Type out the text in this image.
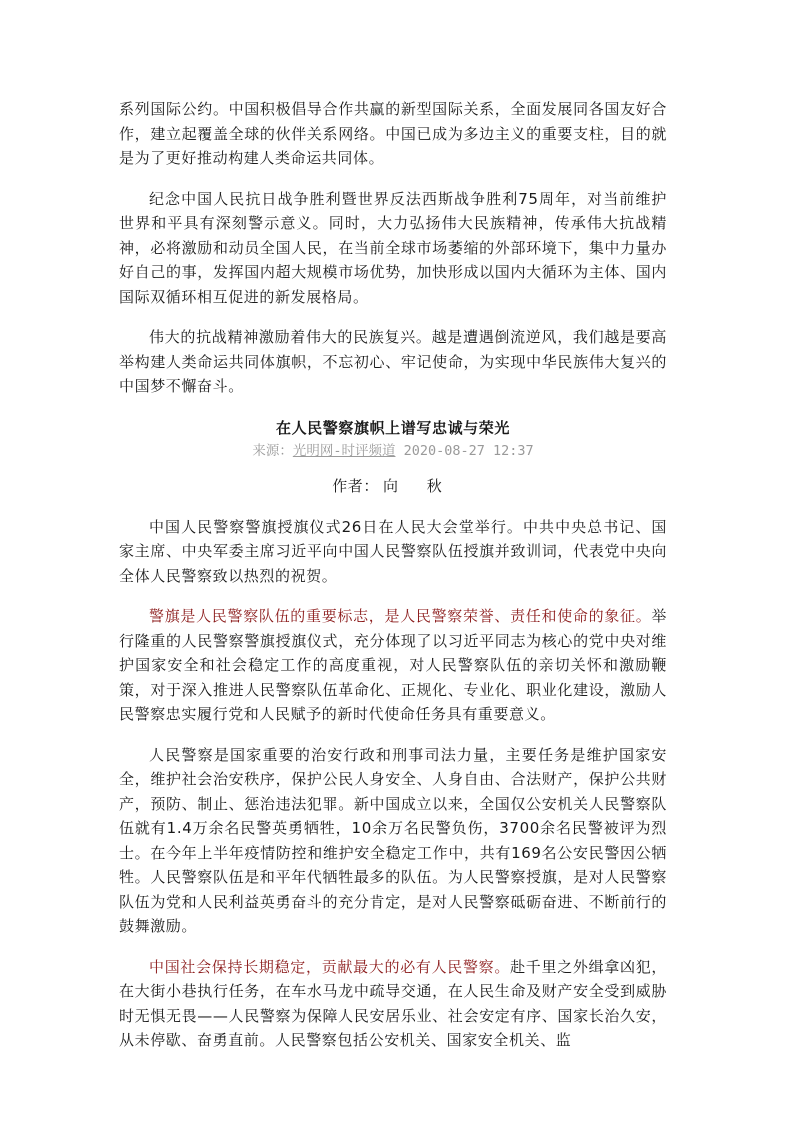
系列国际公约。中国积极倡导合作共赢的新型国际关系，全面发展同各国友好合作，建立起覆盖全球的伙伴关系网络。中国已成为多边主义的重要支柱，目的就是为了更好推动构建人类命运共同体。

纪念中国人民抗日战争胜利暨世界反法西斯战争胜利75周年，对当前维护世界和平具有深刻警示意义。同时，大力弘扬伟大民族精神，传承伟大抗战精神，必将激励和动员全国人民，在当前全球市场萎缩的外部环境下，集中力量办好自己的事，发挥国内超大规模市场优势，加快形成以国内大循环为主体、国内国际双循环相互促进的新发展格局。

伟大的抗战精神激励着伟大的民族复兴。越是遭遇倒流逆风，我们越是要高举构建人类命运共同体旗帜，不忘初心、牢记使命，为实现中华民族伟大复兴的中国梦不懈奋斗。

在人民警察旗帜上谱写忠诚与荣光
来源：光明网-时评频道 2020-08-27 12:37
作者： 向 秋

中国人民警察警旗授旗仪式26日在人民大会堂举行。中共中央总书记、国家主席、中央军委主席习近平向中国人民警察队伍授旗并致训词，代表党中央向全体人民警察致以热烈的祝贺。

警旗是人民警察队伍的重要标志，是人民警察荣誉、责任和使命的象征。举行隆重的人民警察警旗授旗仪式，充分体现了以习近平同志为核心的党中央对维护国家安全和社会稳定工作的高度重视，对人民警察队伍的亲切关怀和激励鞭策，对于深入推进人民警察队伍革命化、正规化、专业化、职业化建设，激励人民警察忠实履行党和人民赋予的新时代使命任务具有重要意义。

人民警察是国家重要的治安行政和刑事司法力量，主要任务是维护国家安全，维护社会治安秩序，保护公民人身安全、人身自由、合法财产，保护公共财产，预防、制止、惩治违法犯罪。新中国成立以来，全国仅公安机关人民警察队伍就有1.4万余名民警英勇牺牲，10余万名民警负伤，3700余名民警被评为烈士。在今年上半年疫情防控和维护安全稳定工作中，共有169名公安民警因公牺牲。人民警察队伍是和平年代牺牲最多的队伍。为人民警察授旗，是对人民警察队伍为党和人民利益英勇奋斗的充分肯定，是对人民警察砥砺奋进、不断前行的鼓舞激励。

中国社会保持长期稳定，贡献最大的必有人民警察。赴千里之外缉拿凶犯，在大街小巷执行任务，在车水马龙中疏导交通，在人民生命及财产安全受到威胁时无惧无畏——人民警察为保障人民安居乐业、社会安定有序、国家长治久安，从未停歇、奋勇直前。人民警察包括公安机关、国家安全机关、监
